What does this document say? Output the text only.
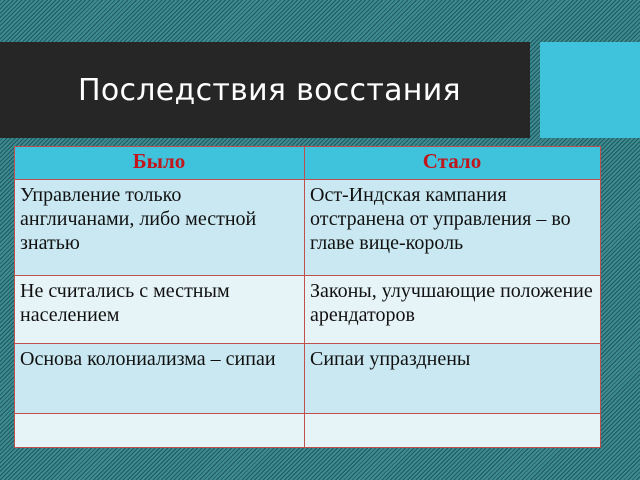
Последствия восстания
Было	Стало
Управление только англичанами, либо местной знатью	Ост-Индская кампания отстранена от управления – во главе вице-король
Не считались с местным населением	Законы, улучшающие положение арендаторов
Основа колониализма – сипаи	Сипаи упразднены
